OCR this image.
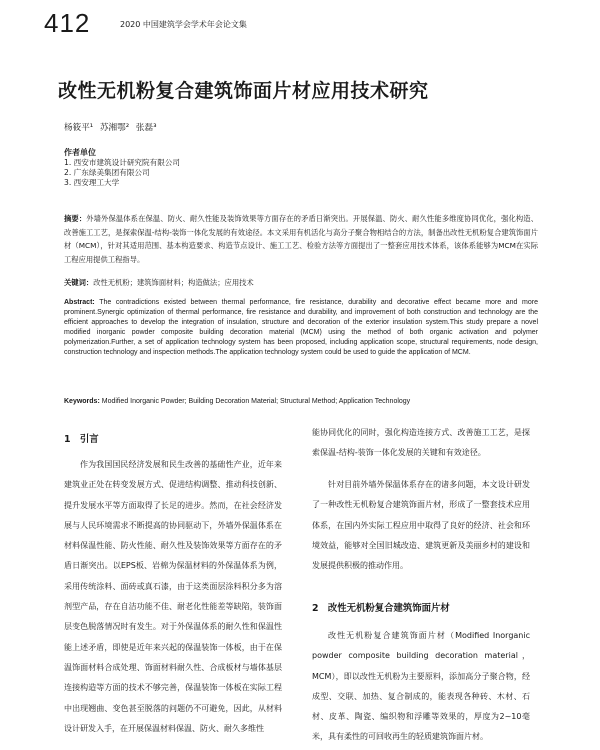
412	2020 中国建筑学会学术年会论文集
改性无机粉复合建筑饰面片材应用技术研究
杨筱平¹ 苏湘鄂² 张磊³
作者单位
1. 西安市建筑设计研究院有限公司
2. 广东绿美集团有限公司
3. 西安理工大学
摘要：外墙外保温体系在保温、防火、耐久性能及装饰效果等方面存在的矛盾日渐突出。开展保温、防火、耐久性能多维度协同优化，强化构造、改善施工工艺，是探索保温-结构-装饰一体化发展的有效途径。本文采用有机活化与高分子聚合物相结合的方法，制备出改性无机粉复合建筑饰面片材（MCM），针对其适用范围、基本构造要求、构造节点设计、施工工艺、检验方法等方面提出了一整套应用技术体系，该体系能够为MCM在实际工程应用提供工程指导。
关键词：改性无机粉；建筑饰面材料；构造做法；应用技术
Abstract: The contradictions existed between thermal performance, fire resistance, durability and decorative effect became more and more prominent.Synergic optimization of thermal performance, fire resistance and durability, and improvement of both construction and technology are the efficient approaches to develop the integration of insulation, structure and decoration of the exterior insulation system.This study prepare a novel modified inorganic powder composite building decoration material (MCM) using the method of both organic activation and polymer polymerization.Further, a set of application technology system has been proposed, including application scope, structural requirements, node design, construction technology and inspection methods.The application technology system could be used to guide the application of MCM.
Keywords: Modified Inorganic Powder; Building Decoration Material; Structural Method; Application Technology
1　引言
作为我国国民经济发展和民生改善的基础性产业，近年来建筑业正处在转变发展方式、促进结构调整、推动科技创新、提升发展水平等方面取得了长足的进步。然而，在社会经济发展与人民环境需求不断提高的协同驱动下，外墙外保温体系在材料保温性能、防火性能、耐久性及装饰效果等方面存在的矛盾日渐突出。以EPS板、岩棉为保温材料的外保温体系为例，采用传统涂料、面砖或真石漆，由于这类面层涂料积分多为溶剂型产品，存在自洁功能不佳、耐老化性能差等缺陷，装饰面层变色脱落情况时有发生。对于外保温体系的耐久性和保温性能上述矛盾，即使是近年来兴起的保温装饰一体板，由于在保温饰面材料合成处理、饰面材料耐久性、合成板材与墙体基层连接构造等方面的技术不够完善，保温装饰一体板在实际工程中出现翘曲、变色甚至脱落的问题仍不可避免，因此，从材料设计研发入手，在开展保温材料保温、防火、耐久多维性
能协同优化的同时，强化构造连接方式、改善施工工艺，是探索保温-结构-装饰一体化发展的关键和有效途径。
针对目前外墙外保温体系存在的诸多问题，本文设计研发了一种改性无机粉复合建筑饰面片材，形成了一整套技术应用体系，在国内外实际工程应用中取得了良好的经济、社会和环境效益，能够对全国旧城改造、建筑更新及美丽乡村的建设和发展提供积极的推动作用。
2　改性无机粉复合建筑饰面片材
改性无机粉复合建筑饰面片材（Modified Inorganic powder composite building decoration material，MCM），即以改性无机粉为主要原料，添加高分子聚合物，经成型、交联、加热、复合制成的，能表现各种砖、木材、石材、皮革、陶瓷、编织物和浮雕等效果的，厚度为2~10毫米，具有柔性的可回收再生的轻质建筑饰面片材。
